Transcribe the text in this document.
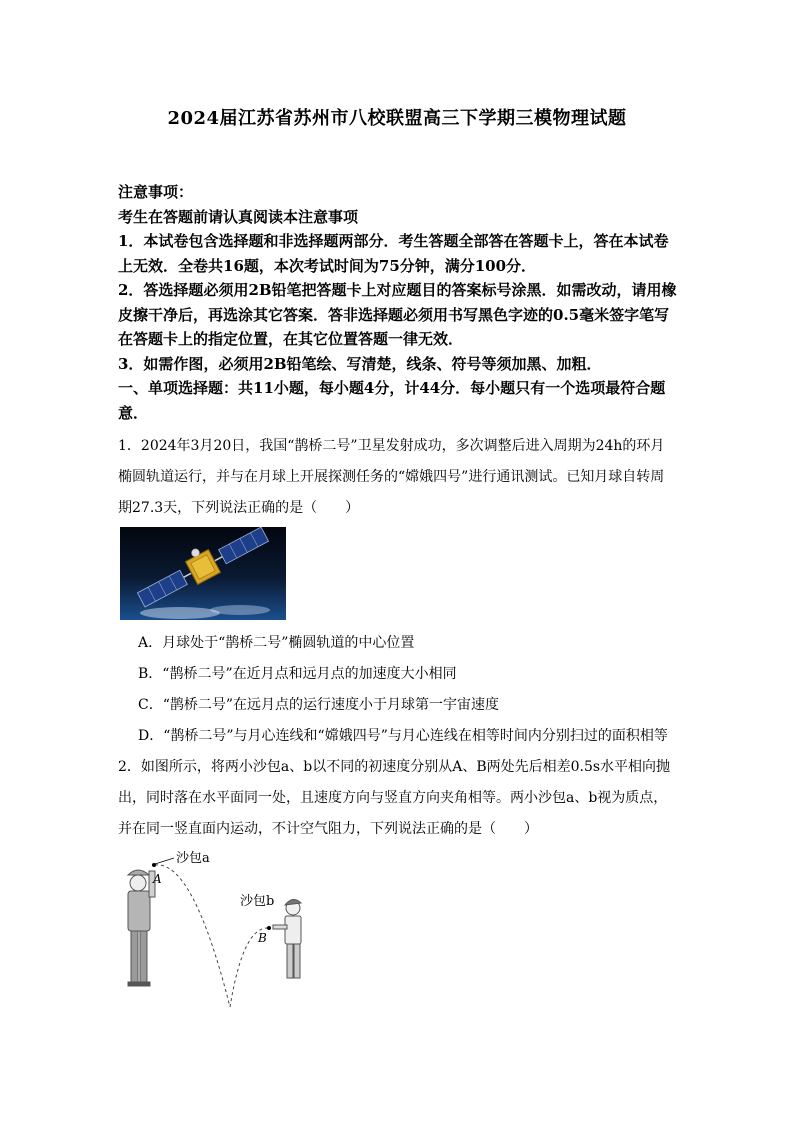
2024届江苏省苏州市八校联盟高三下学期三模物理试题

注意事项：

考生在答题前请认真阅读本注意事项

1．本试卷包含选择题和非选择题两部分．考生答题全部答在答题卡上，答在本试卷上无效．全卷共16题，本次考试时间为75分钟，满分100分．

2．答选择题必须用2B铅笔把答题卡上对应题目的答案标号涂黑．如需改动，请用橡皮擦干净后，再选涂其它答案．答非选择题必须用书写黑色字迹的0.5毫米签字笔写在答题卡上的指定位置，在其它位置答题一律无效．

3．如需作图，必须用2B铅笔绘、写清楚，线条、符号等须加黑、加粗．

一、单项选择题：共11小题，每小题4分，计44分．每小题只有一个选项最符合题意．

1．2024年3月20日，我国“鹊桥二号”卫星发射成功，多次调整后进入周期为24h的环月椭圆轨道运行，并与在月球上开展探测任务的“嫦娥四号”进行通讯测试。已知月球自转周期27.3天，下列说法正确的是（　　）

A．月球处于“鹊桥二号”椭圆轨道的中心位置
B．“鹊桥二号”在近月点和远月点的加速度大小相同
C．“鹊桥二号”在远月点的运行速度小于月球第一宇宙速度
D．“鹊桥二号”与月心连线和“嫦娥四号”与月心连线在相等时间内分别扫过的面积相等

2．如图所示，将两小沙包a、b以不同的初速度分别从A、B两处先后相差0.5s水平相向抛出，同时落在水平面同一处，且速度方向与竖直方向夹角相等。两小沙包a、b视为质点，并在同一竖直面内运动，不计空气阻力，下列说法正确的是（　　）

沙包a
A
沙包b
B
